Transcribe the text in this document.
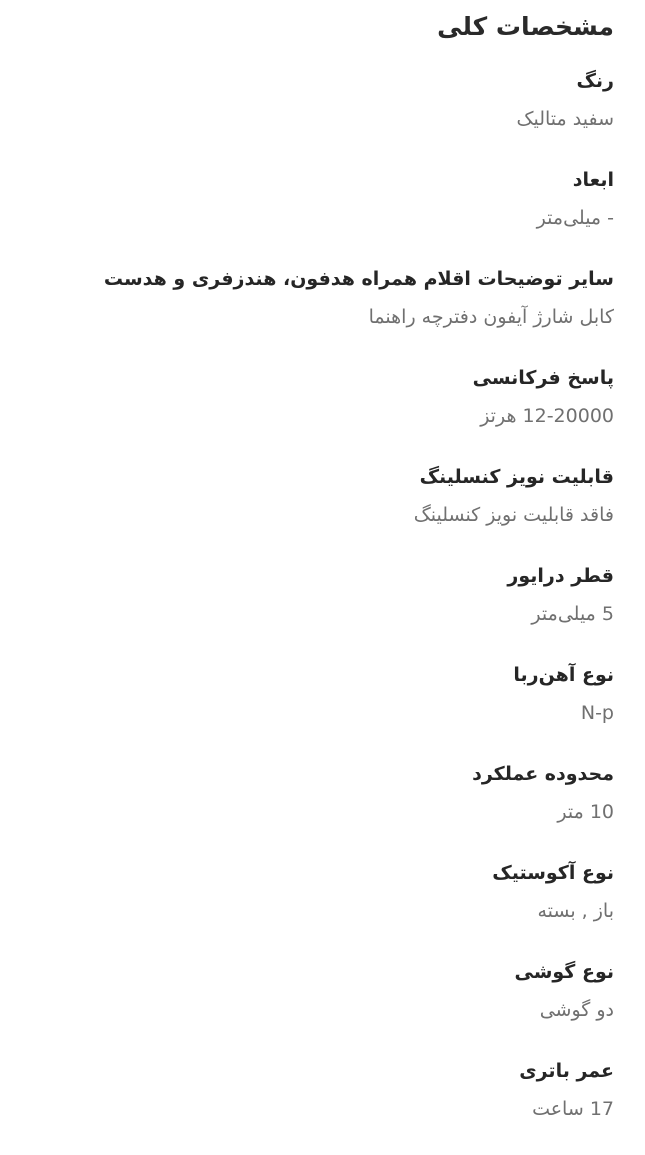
مشخصات کلی
رنگ
سفید متالیک
ابعاد
- میلی‌متر
سایر توضیحات اقلام همراه هدفون، هندزفری و هدست
کابل شارژ آیفون دفترچه راهنما
پاسخ فرکانسی
12-20000 هرتز
قابلیت نویز کنسلینگ
فاقد قابلیت نویز کنسلینگ
قطر درایور
5 میلی‌متر
نوع آهن‌ربا
N-p
محدوده عملکرد
10 متر
نوع آکوستیک
باز , بسته
نوع گوشی
دو گوشی
عمر باتری
17 ساعت
